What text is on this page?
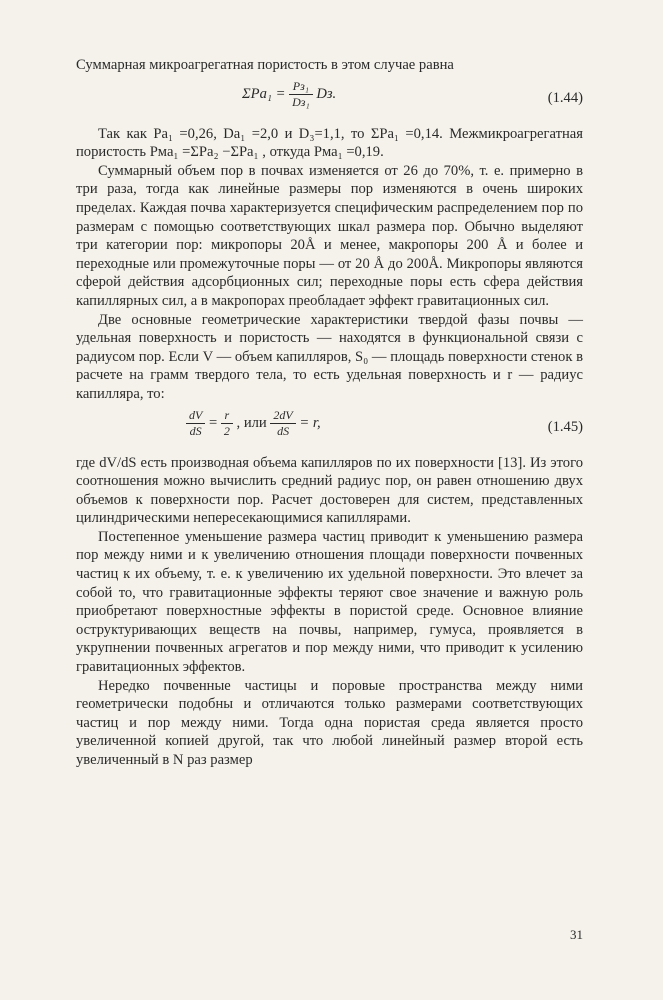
Суммарная микроагрегатная пористость в этом случае равна

$\Sigma Pа_1 = \frac{\text{Pз₁}}{\text{Dз₁}}$ Dз.	(1.44)

Так как Pа₁ =0,26, Dа₁ =2,0 и D₃=1,1, то ΣPа₁ =0,14. Межмикроагрегатная пористость Pма₁ =ΣPа₂ −ΣPа₁ , откуда Pма₁ =0,19.

Суммарный объем пор в почвах изменяется от 26 до 70%, т. е. примерно в три раза, тогда как линейные размеры пор изменяются в очень широких пределах. Каждая почва характеризуется специфическим распределением пор по размерам с помощью соответствующих шкал размера пор. Обычно выделяют три категории пор: микропоры 20Å и менее, макропоры 200 Å и более и переходные или промежуточные поры — от 20 Å до 200Å. Микропоры являются сферой действия адсорбционных сил; переходные поры есть сфера действия капиллярных сил, а в макропорах преобладает эффект гравитационных сил.

Две основные геометрические характеристики твердой фазы почвы — удельная поверхность и пористость — находятся в функциональной связи с радиусом пор. Если V — объем капилляров, S₀ — площадь поверхности стенок в расчете на грамм твердого тела, то есть удельная поверхность и r — радиус капилляра, то:

$\frac{dV}{dS} = \frac{r}{2}$ , или $\frac{2dV}{dS} = r$,	(1.45)

где dV/dS есть производная объема капилляров по их поверхности [13]. Из этого соотношения можно вычислить средний радиус пор, он равен отношению двух объемов к поверхности пор. Расчет достоверен для систем, представленных цилиндрическими непересекающимися капиллярами.

Постепенное уменьшение размера частиц приводит к уменьшению размера пор между ними и к увеличению отношения площади поверхности почвенных частиц к их объему, т. е. к увеличению их удельной поверхности. Это влечет за собой то, что гравитационные эффекты теряют свое значение и важную роль приобретают поверхностные эффекты в пористой среде. Основное влияние оструктуривающих веществ на почвы, например, гумуса, проявляется в укрупнении почвенных агрегатов и пор между ними, что приводит к усилению гравитационных эффектов.

Нередко почвенные частицы и поровые пространства между ними геометрически подобны и отличаются только размерами соответствующих частиц и пор между ними. Тогда одна пористая среда является просто увеличенной копией другой, так что любой линейный размер второй есть увеличенный в N раз размер

31
